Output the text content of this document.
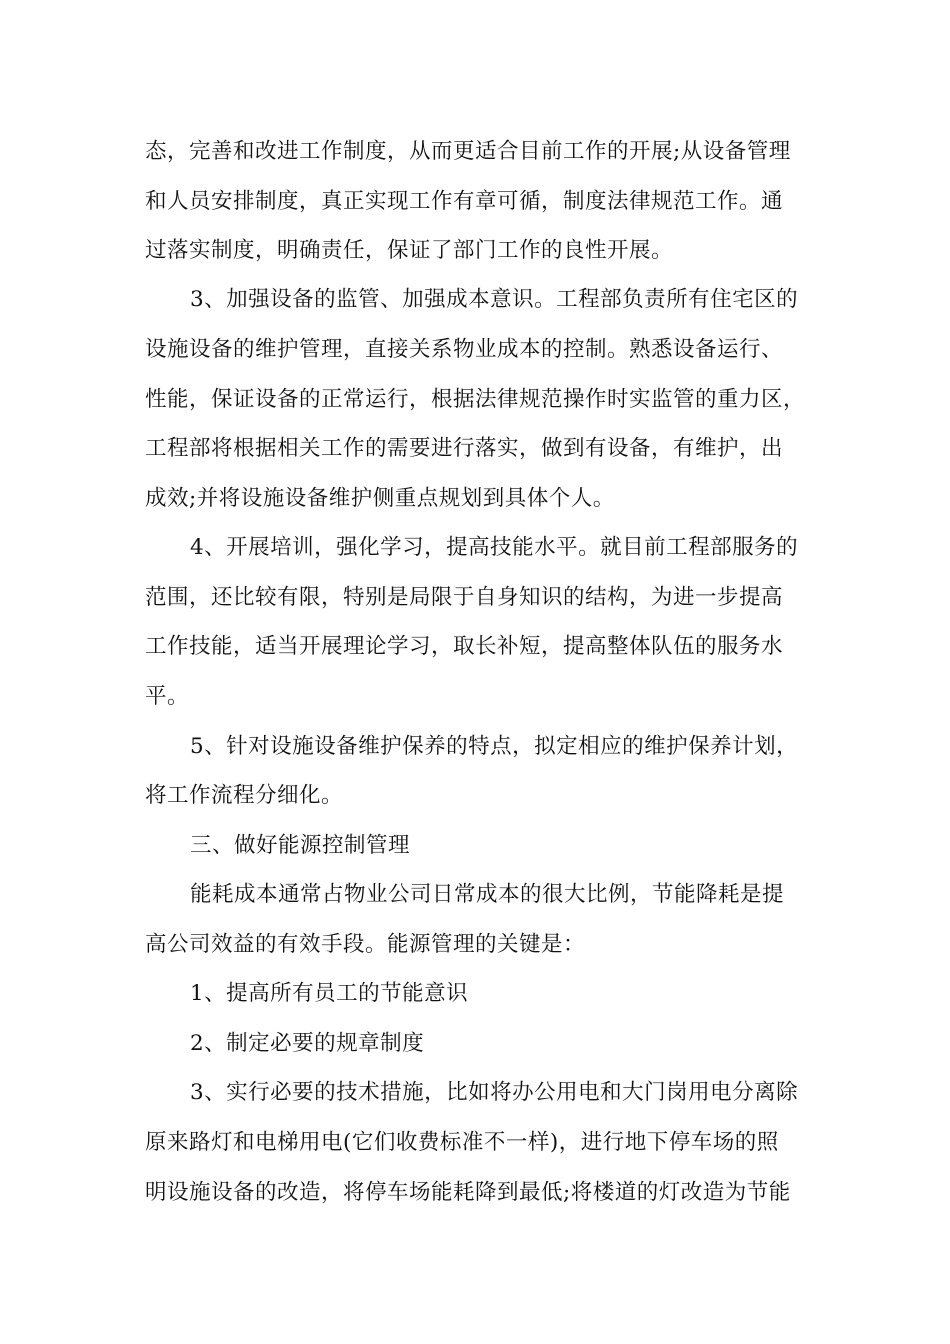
态，完善和改进工作制度，从而更适合目前工作的开展;从设备管理
和人员安排制度，真正实现工作有章可循，制度法律规范工作。通
过落实制度，明确责任，保证了部门工作的良性开展。
3、加强设备的监管、加强成本意识。工程部负责所有住宅区的
设施设备的维护管理，直接关系物业成本的控制。熟悉设备运行、
性能，保证设备的正常运行，根据法律规范操作时实监管的重力区，
工程部将根据相关工作的需要进行落实，做到有设备，有维护，出
成效;并将设施设备维护侧重点规划到具体个人。
4、开展培训，强化学习，提高技能水平。就目前工程部服务的
范围，还比较有限，特别是局限于自身知识的结构，为进一步提高
工作技能，适当开展理论学习，取长补短，提高整体队伍的服务水
平。
5、针对设施设备维护保养的特点，拟定相应的维护保养计划，
将工作流程分细化。
三、做好能源控制管理
能耗成本通常占物业公司日常成本的很大比例，节能降耗是提
高公司效益的有效手段。能源管理的关键是：
1、提高所有员工的节能意识
2、制定必要的规章制度
3、实行必要的技术措施，比如将办公用电和大门岗用电分离除
原来路灯和电梯用电(它们收费标准不一样)，进行地下停车场的照
明设施设备的改造，将停车场能耗降到最低;将楼道的灯改造为节能
